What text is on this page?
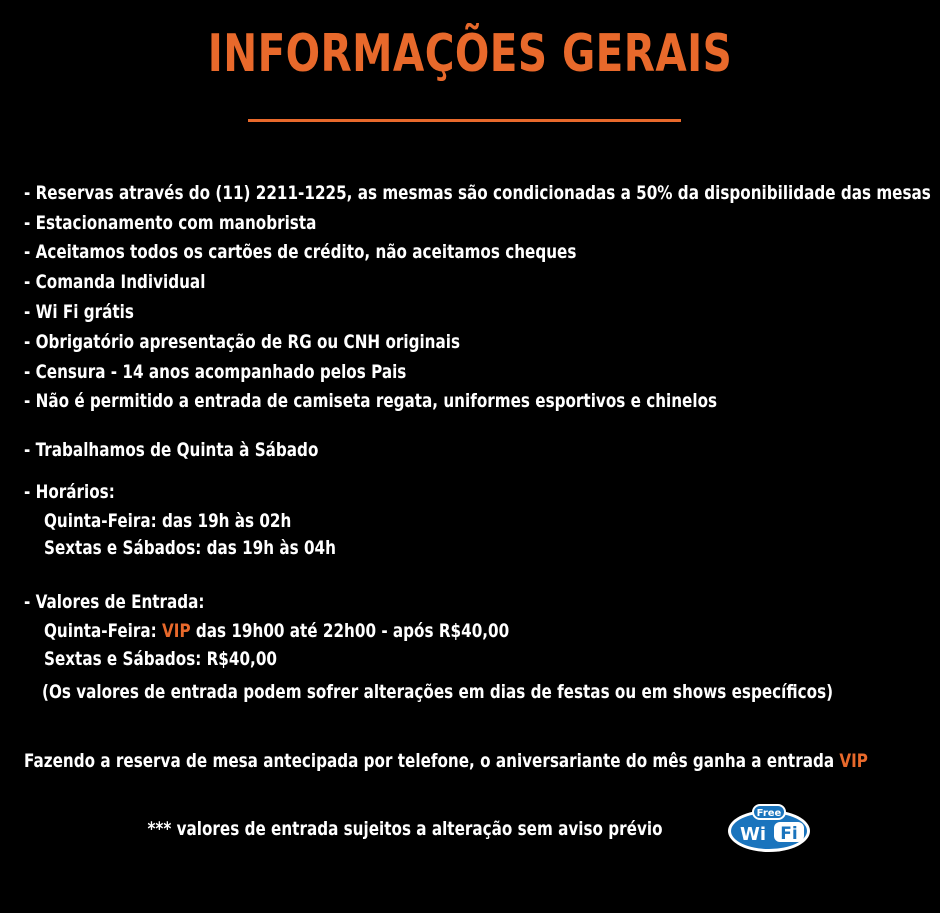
INFORMAÇÕES GERAIS
- Reservas através do (11) 2211-1225, as mesmas são condicionadas a 50% da disponibilidade das mesas
- Estacionamento com manobrista
- Aceitamos todos os cartões de crédito, não aceitamos cheques
- Comanda Individual
- Wi Fi grátis
- Obrigatório apresentação de RG ou CNH originais
- Censura - 14 anos acompanhado pelos Pais
- Não é permitido a entrada de camiseta regata, uniformes esportivos e chinelos
- Trabalhamos de Quinta à Sábado
- Horários:
Quinta-Feira: das 19h às 02h
Sextas e Sábados: das 19h às 04h
- Valores de Entrada:
Quinta-Feira: VIP das 19h00 até 22h00 - após R$40,00
Sextas e Sábados: R$40,00
(Os valores de entrada podem sofrer alterações em dias de festas ou em shows específicos)
Fazendo a reserva de mesa antecipada por telefone, o aniversariante do mês ganha a entrada VIP
*** valores de entrada sujeitos a alteração sem aviso prévio
Free
Wi Fi
